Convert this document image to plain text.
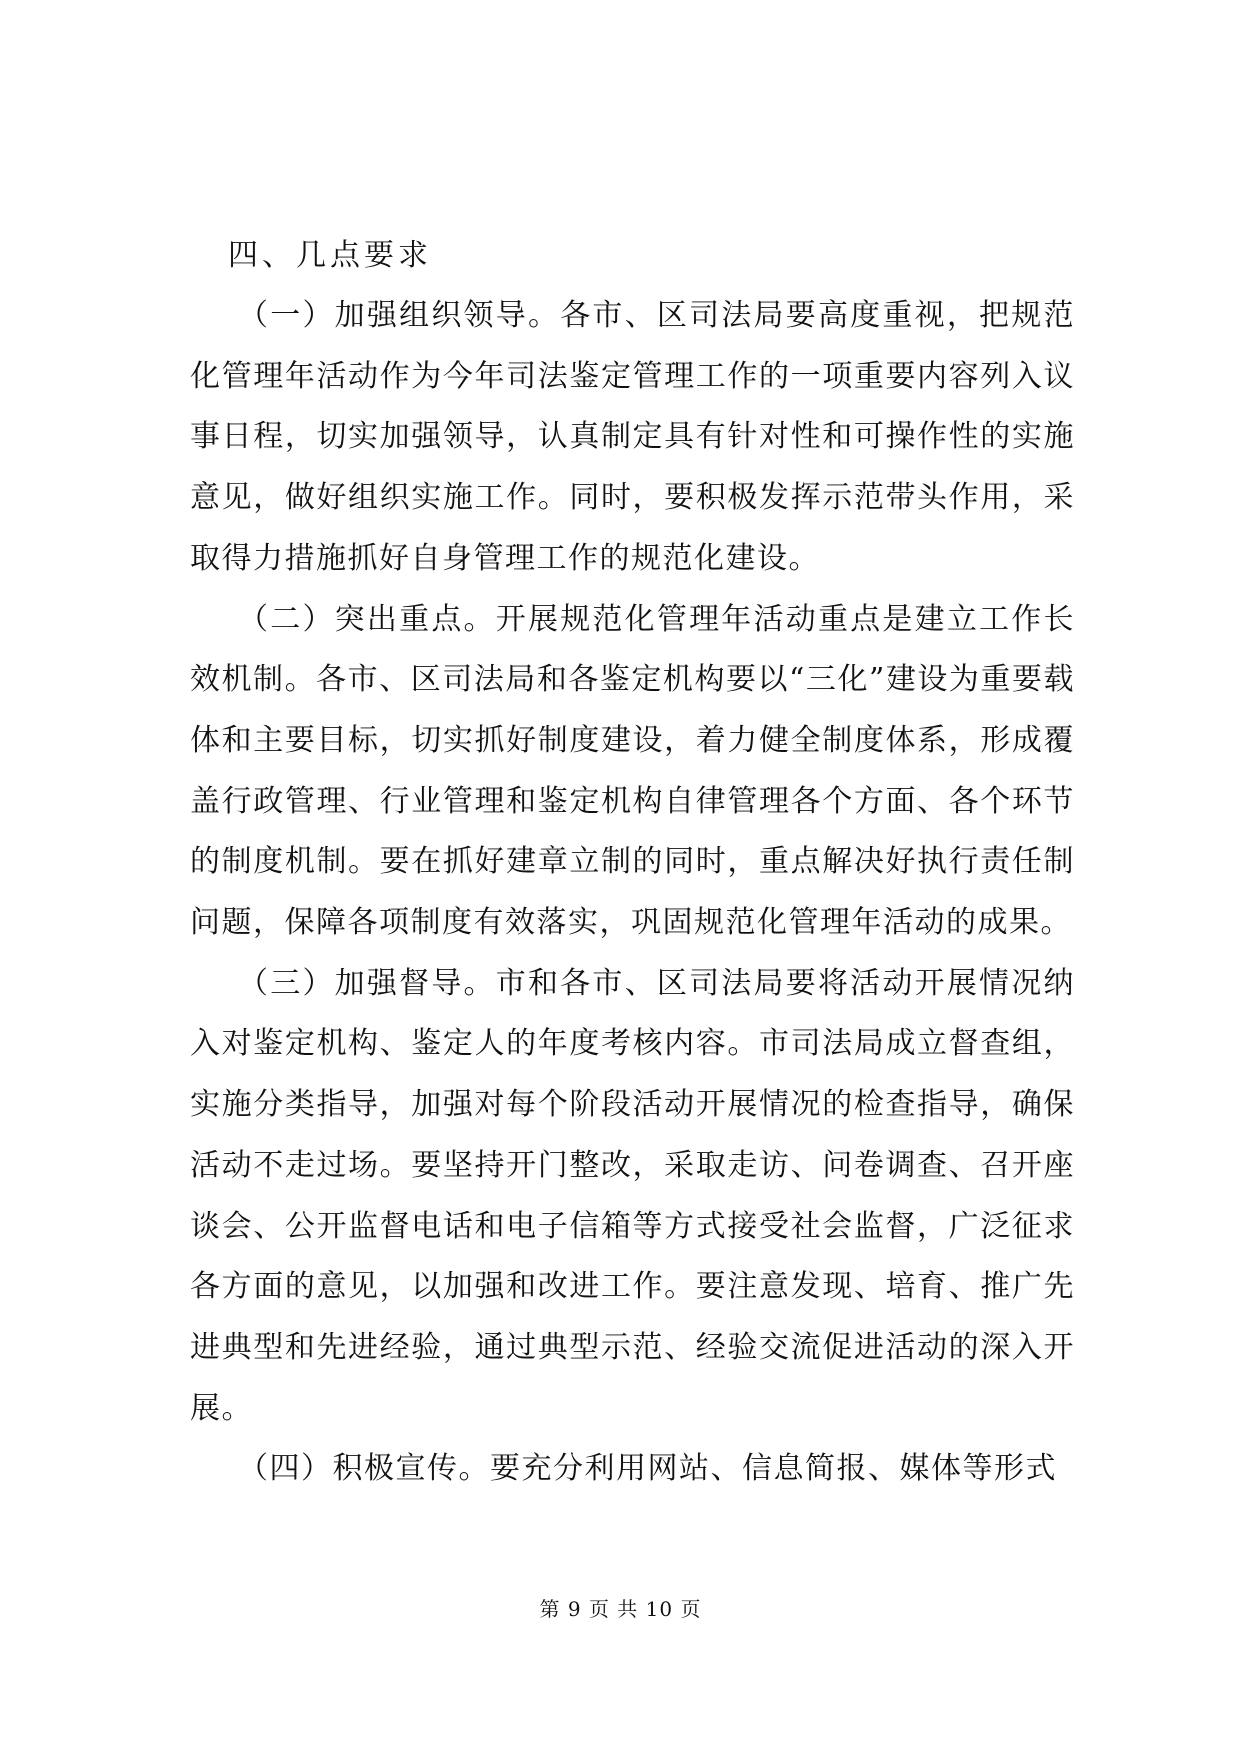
四、几点要求

（一）加强组织领导。各市、区司法局要高度重视，把规范化管理年活动作为今年司法鉴定管理工作的一项重要内容列入议事日程，切实加强领导，认真制定具有针对性和可操作性的实施意见，做好组织实施工作。同时，要积极发挥示范带头作用，采取得力措施抓好自身管理工作的规范化建设。

（二）突出重点。开展规范化管理年活动重点是建立工作长效机制。各市、区司法局和各鉴定机构要以“三化”建设为重要载体和主要目标，切实抓好制度建设，着力健全制度体系，形成覆盖行政管理、行业管理和鉴定机构自律管理各个方面、各个环节的制度机制。要在抓好建章立制的同时，重点解决好执行责任制问题，保障各项制度有效落实，巩固规范化管理年活动的成果。

（三）加强督导。市和各市、区司法局要将活动开展情况纳入对鉴定机构、鉴定人的年度考核内容。市司法局成立督查组，实施分类指导，加强对每个阶段活动开展情况的检查指导，确保活动不走过场。要坚持开门整改，采取走访、问卷调查、召开座谈会、公开监督电话和电子信箱等方式接受社会监督，广泛征求各方面的意见，以加强和改进工作。要注意发现、培育、推广先进典型和先进经验，通过典型示范、经验交流促进活动的深入开展。

（四）积极宣传。要充分利用网站、信息简报、媒体等形式

第 9 页 共 10 页
